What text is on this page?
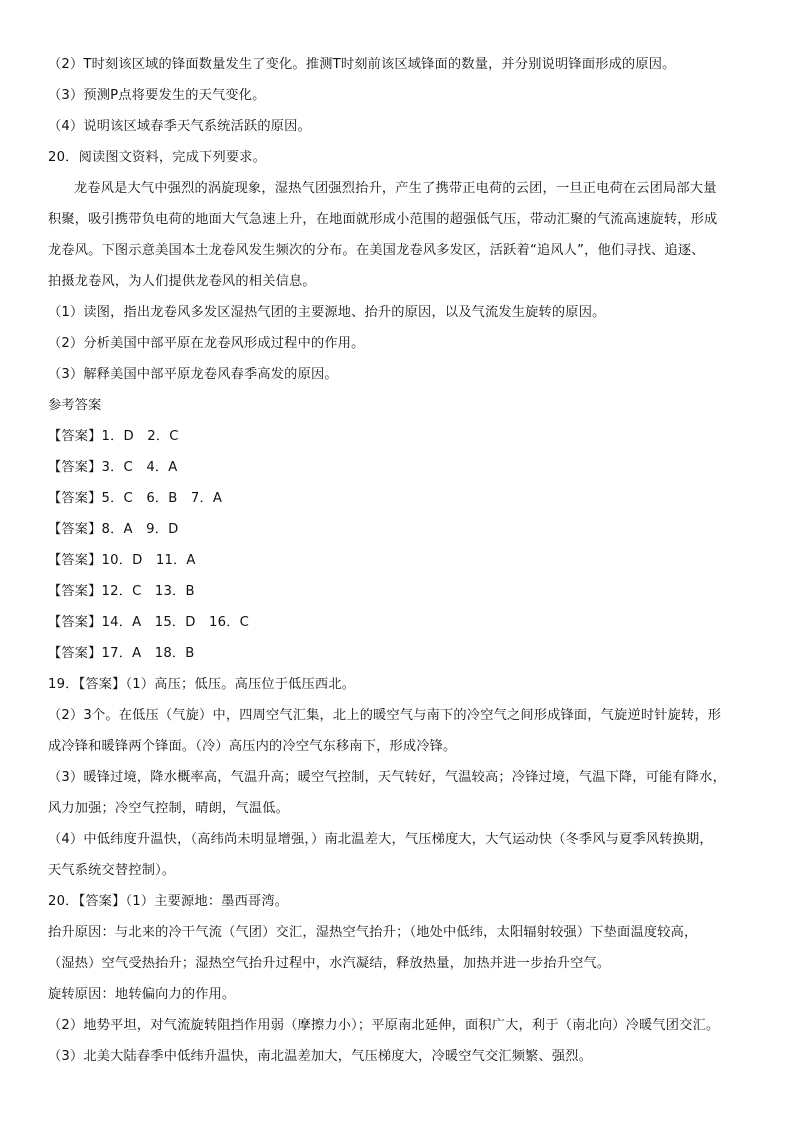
（2）T时刻该区域的锋面数量发生了变化。推测T时刻前该区域锋面的数量，并分别说明锋面形成的原因。
（3）预测P点将要发生的天气变化。
（4）说明该区域春季天气系统活跃的原因。
20．阅读图文资料，完成下列要求。
龙卷风是大气中强烈的涡旋现象，湿热气团强烈抬升，产生了携带正电荷的云团，一旦正电荷在云团局部大量
积聚，吸引携带负电荷的地面大气急速上升，在地面就形成小范围的超强低气压，带动汇聚的气流高速旋转，形成
龙卷风。下图示意美国本土龙卷风发生频次的分布。在美国龙卷风多发区，活跃着“追风人”，他们寻找、追逐、
拍摄龙卷风，为人们提供龙卷风的相关信息。
（1）读图，指出龙卷风多发区湿热气团的主要源地、抬升的原因，以及气流发生旋转的原因。
（2）分析美国中部平原在龙卷风形成过程中的作用。
（3）解释美国中部平原龙卷风春季高发的原因。
参考答案
【答案】1．D　2．C
【答案】3．C　4．A
【答案】5．C　6．B　7．A
【答案】8．A　9．D
【答案】10．D　11．A
【答案】12．C　13．B
【答案】14．A　15．D　16．C
【答案】17．A　18．B
19．【答案】（1）高压；低压。高压位于低压西北。
（2）3个。在低压（气旋）中，四周空气汇集，北上的暖空气与南下的冷空气之间形成锋面，气旋逆时针旋转，形
成冷锋和暖锋两个锋面。（冷）高压内的冷空气东移南下，形成冷锋。
（3）暖锋过境，降水概率高，气温升高；暖空气控制，天气转好，气温较高；冷锋过境，气温下降，可能有降水，
风力加强；冷空气控制，晴朗，气温低。
（4）中低纬度升温快，（高纬尚未明显增强，）南北温差大，气压梯度大，大气运动快（冬季风与夏季风转换期，
天气系统交替控制）。
20．【答案】（1）主要源地：墨西哥湾。
抬升原因：与北来的冷干气流（气团）交汇，湿热空气抬升；（地处中低纬，太阳辐射较强）下垫面温度较高，
（湿热）空气受热抬升；湿热空气抬升过程中，水汽凝结，释放热量，加热并进一步抬升空气。
旋转原因：地转偏向力的作用。
（2）地势平坦，对气流旋转阻挡作用弱（摩擦力小）；平原南北延伸，面积广大，利于（南北向）冷暖气团交汇。
（3）北美大陆春季中低纬升温快，南北温差加大，气压梯度大，冷暖空气交汇频繁、强烈。
